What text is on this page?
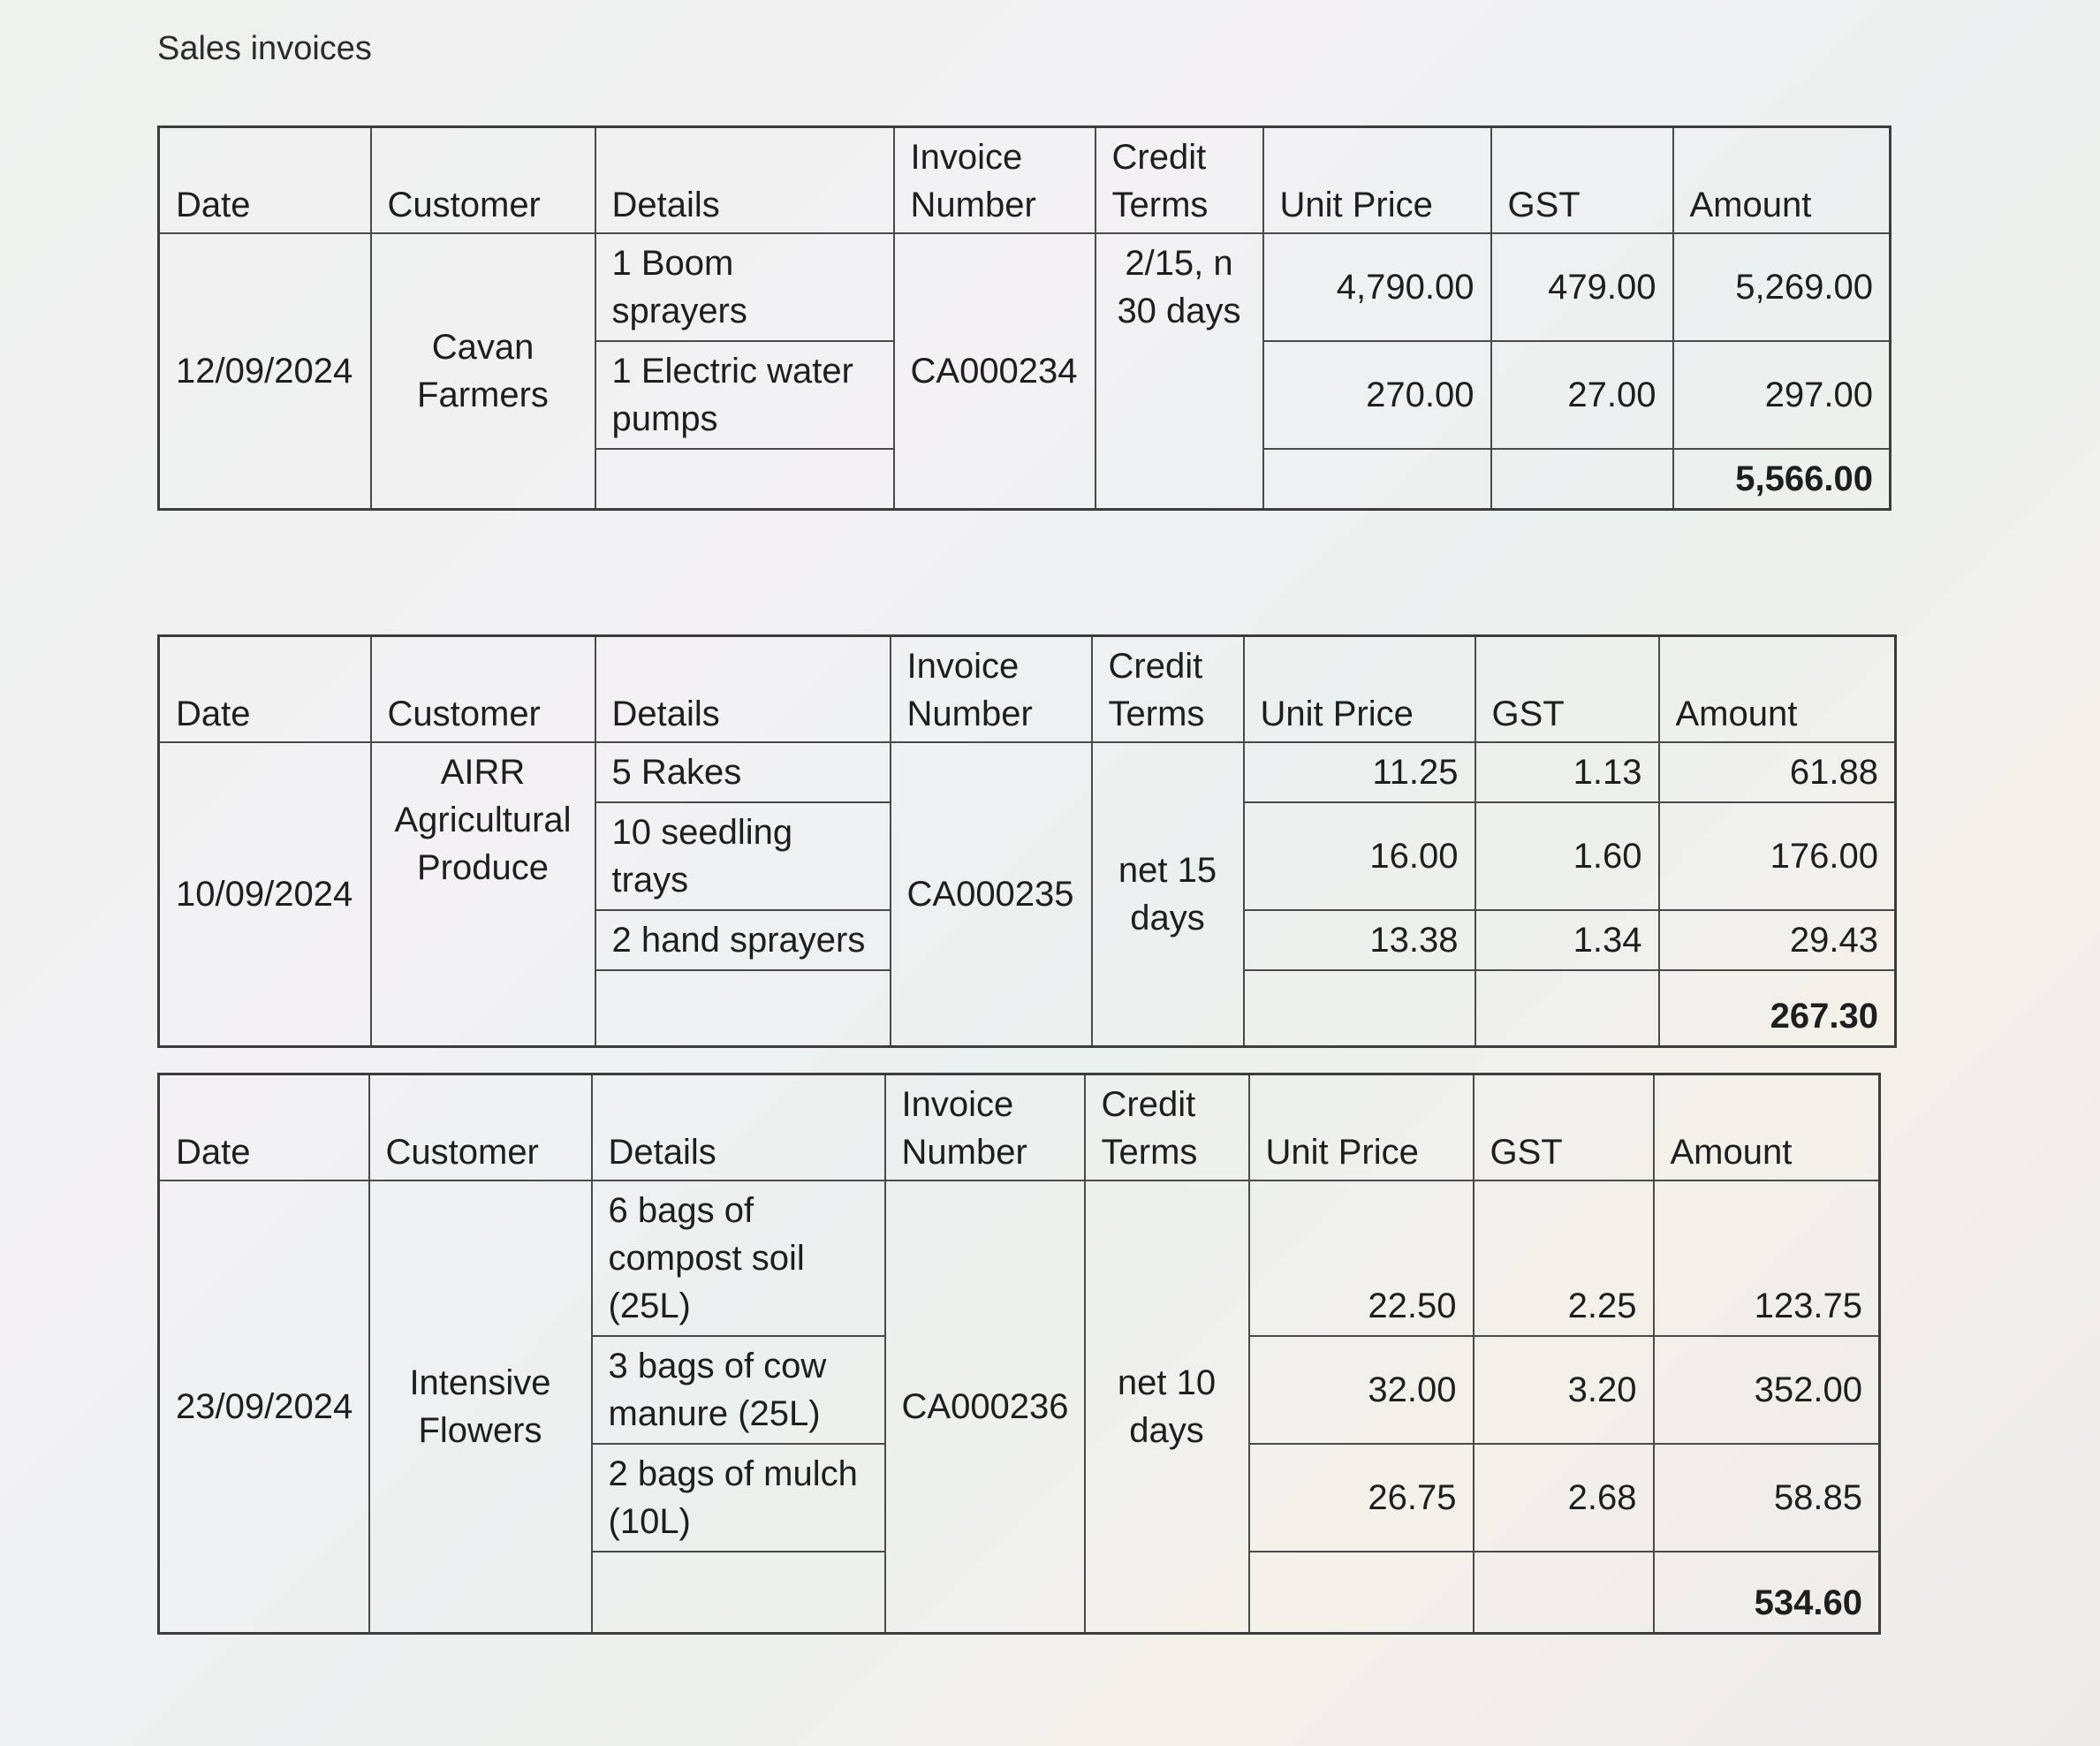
Sales invoices
Date	Customer	Details	Invoice Number	Credit Terms	Unit Price	GST	Amount
12/09/2024	Cavan Farmers	1 Boom sprayers	CA000234	2/15, n 30 days	4,790.00	479.00	5,269.00
		1 Electric water pumps			270.00	27.00	297.00
							5,566.00
Date	Customer	Details	Invoice Number	Credit Terms	Unit Price	GST	Amount
10/09/2024	AIRR Agricultural Produce	5 Rakes	CA000235	net 15 days	11.25	1.13	61.88
		10 seedling trays			16.00	1.60	176.00
		2 hand sprayers			13.38	1.34	29.43
							267.30
Date	Customer	Details	Invoice Number	Credit Terms	Unit Price	GST	Amount
23/09/2024	Intensive Flowers	6 bags of compost soil (25L)	CA000236	net 10 days	22.50	2.25	123.75
		3 bags of cow manure (25L)			32.00	3.20	352.00
		2 bags of mulch (10L)			26.75	2.68	58.85
							534.60
